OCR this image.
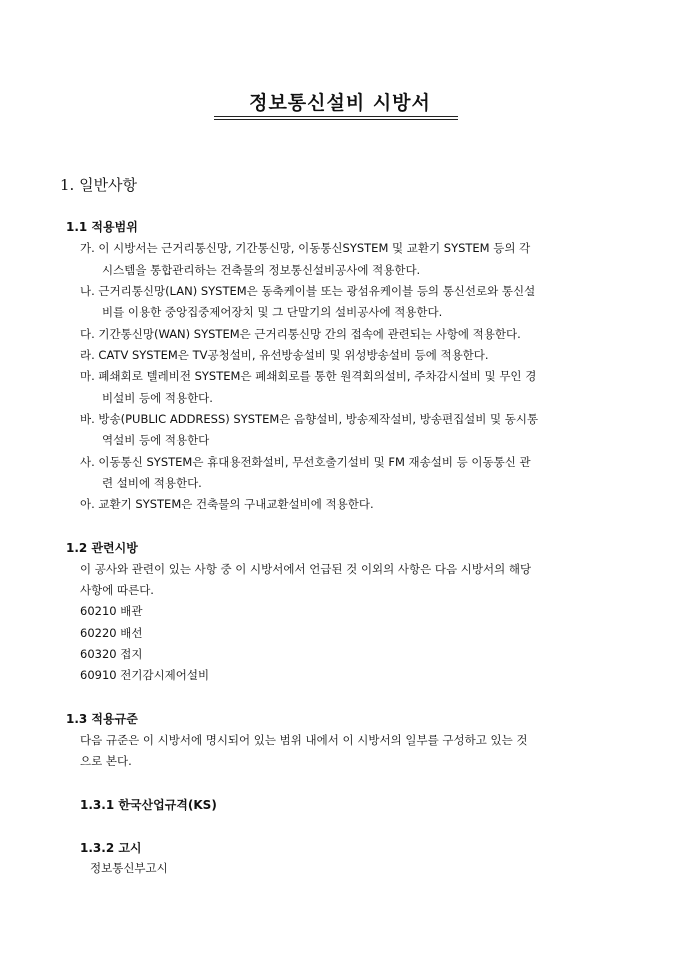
정보통신설비 시방서
1. 일반사항
1.1 적용범위
가. 이 시방서는 근거리통신망, 기간통신망, 이동통신SYSTEM 및 교환기 SYSTEM 등의 각
시스템을 통합관리하는 건축물의 정보통신설비공사에 적용한다.
나. 근거리통신망(LAN) SYSTEM은 동축케이블 또는 광섬유케이블 등의 통신선로와 통신설
비를 이용한 중앙집중제어장치 및 그 단말기의 설비공사에 적용한다.
다. 기간통신망(WAN) SYSTEM은 근거리통신망 간의 접속에 관련되는 사항에 적용한다.
라. CATV SYSTEM은 TV공청설비, 유선방송설비 및 위성방송설비 등에 적용한다.
마. 폐쇄회로 텔레비전 SYSTEM은 폐쇄회로를 통한 원격회의설비, 주차감시설비 및 무인 경
비설비 등에 적용한다.
바. 방송(PUBLIC ADDRESS) SYSTEM은 음향설비, 방송제작설비, 방송편집설비 및 동시통
역설비 등에 적용한다
사. 이동통신 SYSTEM은 휴대용전화설비, 무선호출기설비 및 FM 재송설비 등 이동통신 관
련 설비에 적용한다.
아. 교환기 SYSTEM은 건축물의 구내교환설비에 적용한다.
1.2 관련시방
이 공사와 관련이 있는 사항 중 이 시방서에서 언급된 것 이외의 사항은 다음 시방서의 해당
사항에 따른다.
60210 배관
60220 배선
60320 접지
60910 전기감시제어설비
1.3 적용규준
다음 규준은 이 시방서에 명시되어 있는 범위 내에서 이 시방서의 일부를 구성하고 있는 것
으로 본다.
1.3.1 한국산업규격(KS)
1.3.2 고시
정보통신부고시
